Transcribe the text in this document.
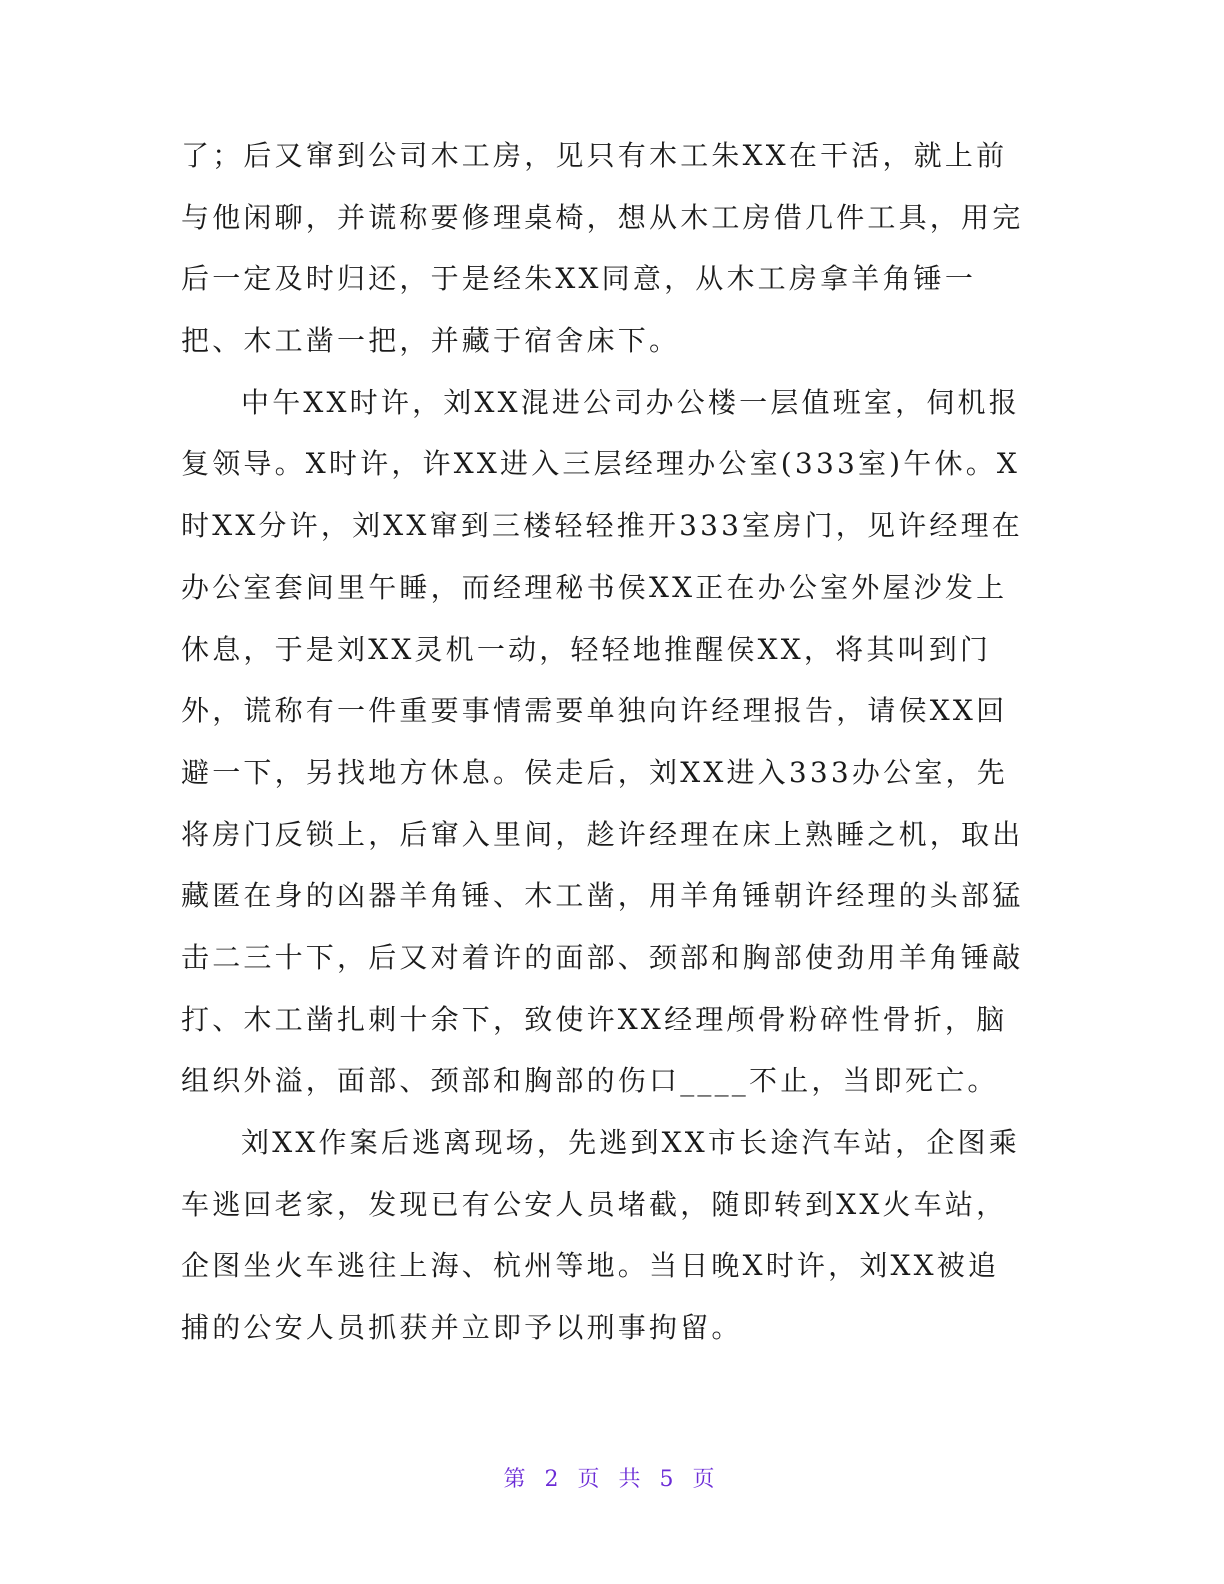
了；后又窜到公司木工房，见只有木工朱XX在干活，就上前
与他闲聊，并谎称要修理桌椅，想从木工房借几件工具，用完
后一定及时归还，于是经朱XX同意，从木工房拿羊角锤一
把、木工凿一把，并藏于宿舍床下。
中午XX时许，刘XX混进公司办公楼一层值班室，伺机报
复领导。X时许，许XX进入三层经理办公室(333室)午休。X
时XX分许，刘XX窜到三楼轻轻推开333室房门，见许经理在
办公室套间里午睡，而经理秘书侯XX正在办公室外屋沙发上
休息，于是刘XX灵机一动，轻轻地推醒侯XX，将其叫到门
外，谎称有一件重要事情需要单独向许经理报告，请侯XX回
避一下，另找地方休息。侯走后，刘XX进入333办公室，先
将房门反锁上，后窜入里间，趁许经理在床上熟睡之机，取出
藏匿在身的凶器羊角锤、木工凿，用羊角锤朝许经理的头部猛
击二三十下，后又对着许的面部、颈部和胸部使劲用羊角锤敲
打、木工凿扎刺十余下，致使许XX经理颅骨粉碎性骨折，脑
组织外溢，面部、颈部和胸部的伤口____不止，当即死亡。
刘XX作案后逃离现场，先逃到XX市长途汽车站，企图乘
车逃回老家，发现已有公安人员堵截，随即转到XX火车站，
企图坐火车逃往上海、杭州等地。当日晚X时许，刘XX被追
捕的公安人员抓获并立即予以刑事拘留。
第 2 页 共 5 页
